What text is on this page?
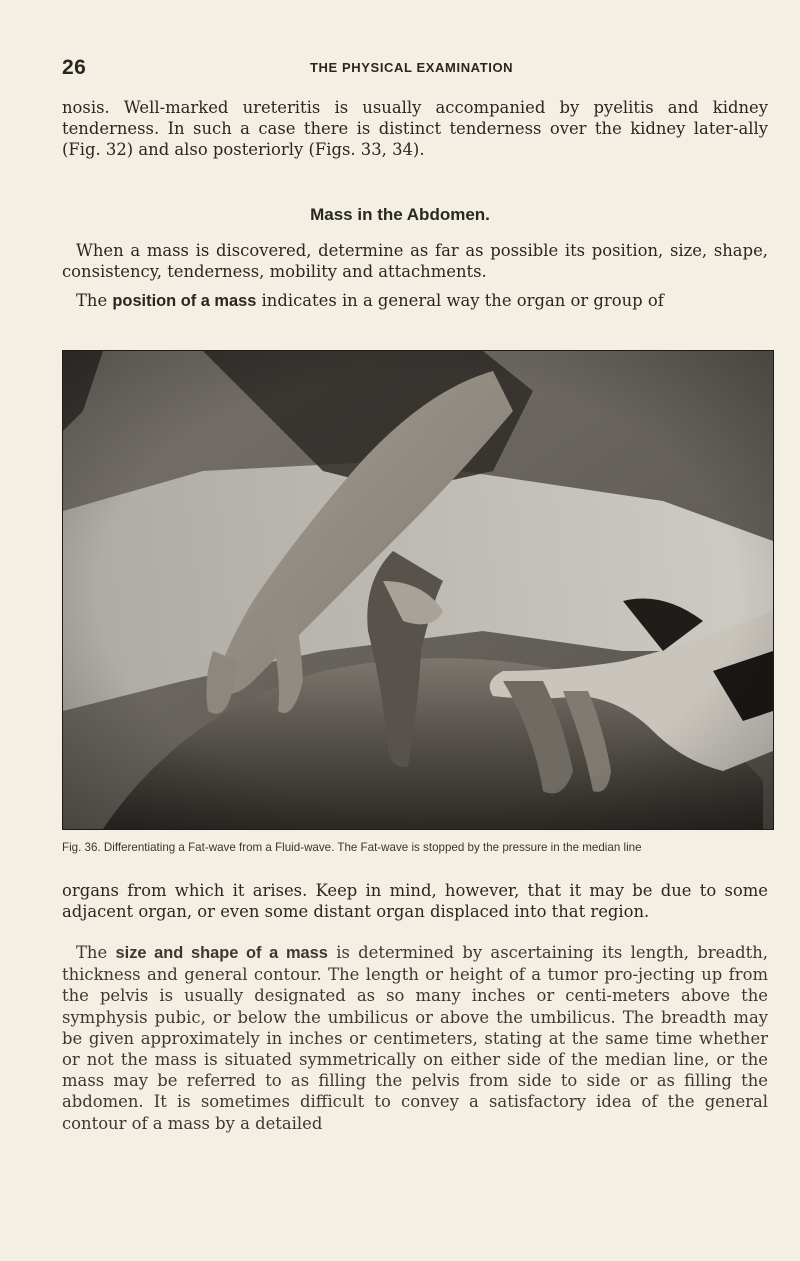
26	THE PHYSICAL EXAMINATION

nosis. Well-marked ureteritis is usually accompanied by pyelitis and kidney tenderness. In such a case there is distinct tenderness over the kidney later-ally (Fig. 32) and also posteriorly (Figs. 33, 34).

Mass in the Abdomen.

When a mass is discovered, determine as far as possible its position, size, shape, consistency, tenderness, mobility and attachments.

The position of a mass indicates in a general way the organ or group of

Fig. 36. Differentiating a Fat-wave from a Fluid-wave. The Fat-wave is stopped by the pressure in the median line

organs from which it arises. Keep in mind, however, that it may be due to some adjacent organ, or even some distant organ displaced into that region.

The size and shape of a mass is determined by ascertaining its length, breadth, thickness and general contour. The length or height of a tumor pro-jecting up from the pelvis is usually designated as so many inches or centi-meters above the symphysis pubic, or below the umbilicus or above the umbilicus. The breadth may be given approximately in inches or centimeters, stating at the same time whether or not the mass is situated symmetrically on either side of the median line, or the mass may be referred to as filling the pelvis from side to side or as filling the abdomen. It is sometimes difficult to convey a satisfactory idea of the general contour of a mass by a detailed
